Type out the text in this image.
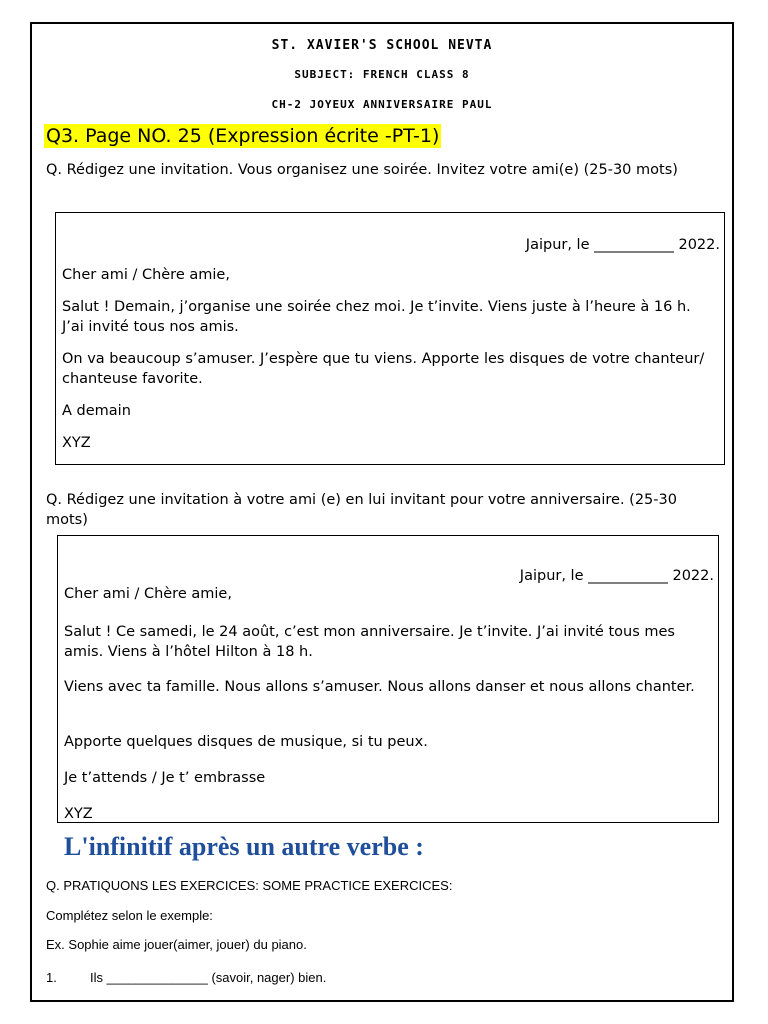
ST. XAVIER'S SCHOOL NEVTA
SUBJECT: FRENCH CLASS 8
CH-2 JOYEUX ANNIVERSAIRE PAUL
Q3. Page NO. 25 (Expression écrite -PT-1)
Q. Rédigez une invitation. Vous organisez une soirée. Invitez votre ami(e) (25-30 mots)
Jaipur, le ___________ 2022.
Cher ami / Chère amie,
Salut ! Demain, j’organise une soirée chez moi. Je t’invite. Viens juste à l’heure à 16 h. J’ai invité tous nos amis.
On va beaucoup s’amuser. J’espère que tu viens. Apporte les disques de votre chanteur/ chanteuse favorite.
A demain
XYZ
Q. Rédigez une invitation à votre ami (e) en lui invitant pour votre anniversaire. (25-30 mots)
Jaipur, le ___________ 2022.
Cher ami / Chère amie,
Salut ! Ce samedi, le 24 août, c’est mon anniversaire. Je t’invite. J’ai invité tous mes amis. Viens à l’hôtel Hilton à 18 h.
Viens avec ta famille. Nous allons s’amuser. Nous allons danser et nous allons chanter.
Apporte quelques disques de musique, si tu peux.
Je t’attends / Je t’ embrasse
XYZ
L'infinitif après un autre verbe :
Q. PRATIQUONS LES EXERCICES: SOME PRACTICE EXERCICES:
Complétez selon le exemple:
Ex. Sophie aime jouer(aimer, jouer) du piano.
1.	Ils ______________ (savoir, nager) bien.
